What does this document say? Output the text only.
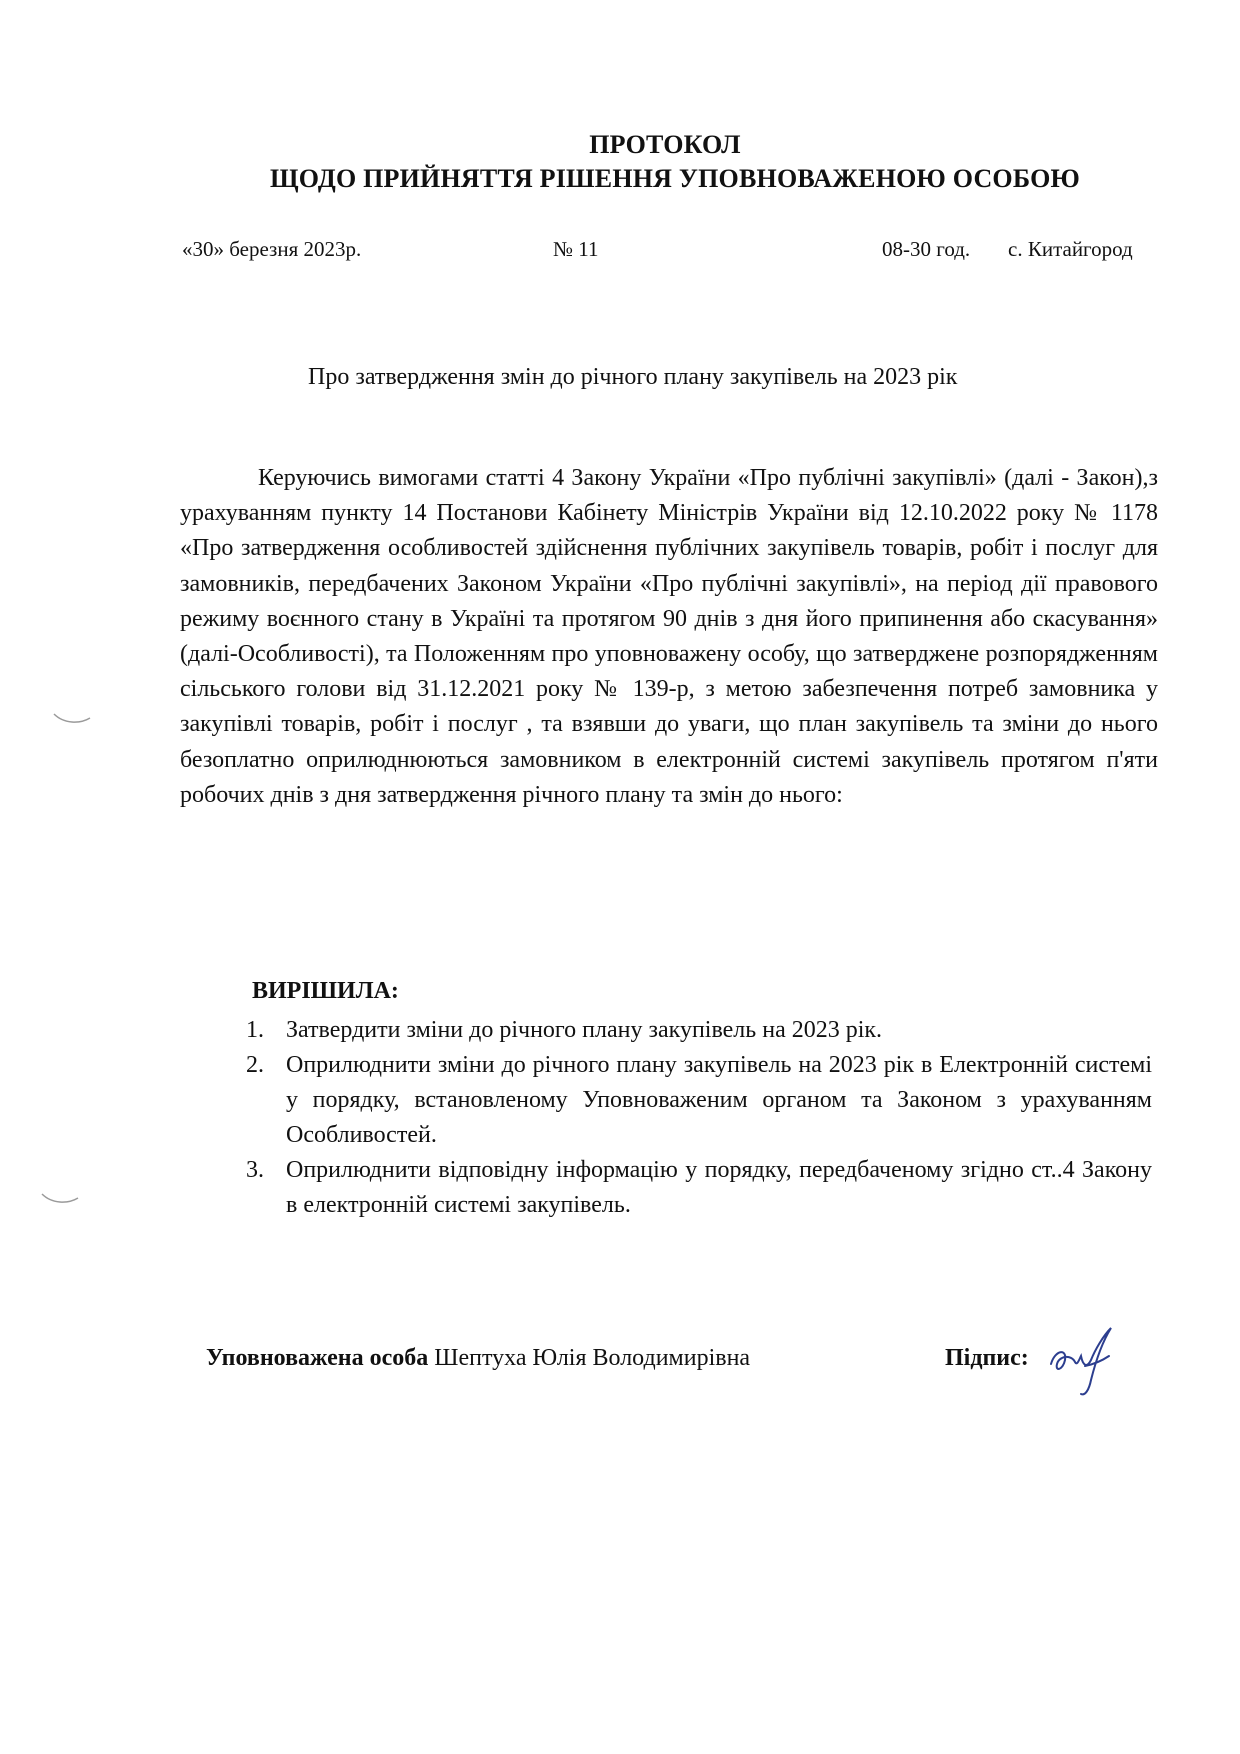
ПРОТОКОЛ
ЩОДО ПРИЙНЯТТЯ РІШЕННЯ УПОВНОВАЖЕНОЮ ОСОБОЮ
«30» березня 2023р.	№ 11	08-30 год. с. Китайгород
Про затвердження змін до річного плану закупівель на 2023 рік

Керуючись вимогами статті 4 Закону України «Про публічні закупівлі» (далі - Закон),з урахуванням пункту 14 Постанови Кабінету Міністрів України від 12.10.2022 року № 1178 «Про затвердження особливостей здійснення публічних закупівель товарів, робіт і послуг для замовників, передбачених Законом України «Про публічні закупівлі», на період дії правового режиму воєнного стану в Україні та протягом 90 днів з дня його припинення або скасування» (далі-Особливості), та Положенням про уповноважену особу, що затверджене розпорядженням сільського голови від 31.12.2021 року № 139-р, з метою забезпечення потреб замовника у закупівлі товарів, робіт і послуг , та взявши до уваги, що план закупівель та зміни до нього безоплатно оприлюднюються замовником в електронній системі закупівель протягом п'яти робочих днів з дня затвердження річного плану та змін до нього:

ВИРІШИЛА:
1. Затвердити зміни до річного плану закупівель на 2023 рік.
2. Оприлюднити зміни до річного плану закупівель на 2023 рік в Електронній системі у порядку, встановленому Уповноваженим органом та Законом з урахуванням Особливостей.
3. Оприлюднити відповідну інформацію у порядку, передбаченому згідно ст..4 Закону в електронній системі закупівель.
Уповноважена особа Шептуха Юлія Володимирівна	Підпис:
